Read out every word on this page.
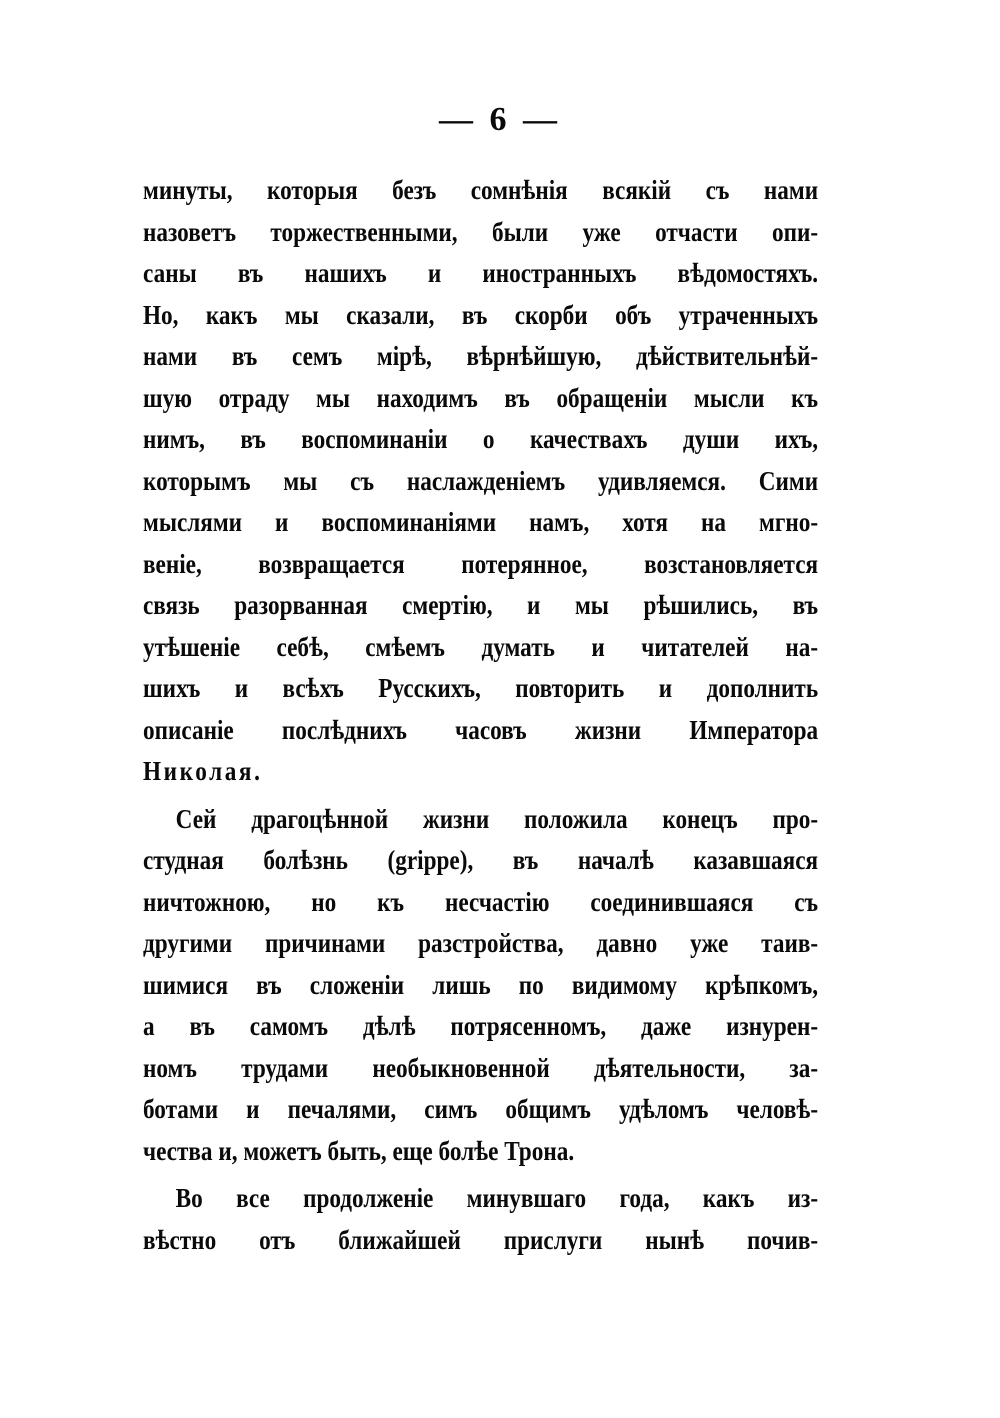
— 6 —
минуты, которыя безъ сомнѣнія всякій съ нами
назоветъ торжественными, были уже отчасти опи-
саны въ нашихъ и иностранныхъ вѣдомостяхъ.
Но, какъ мы сказали, въ скорби объ утраченныхъ
нами въ семъ мірѣ, вѣрнѣйшую, дѣйствительнѣй-
шую отраду мы находимъ въ обращеніи мысли къ
нимъ, въ воспоминаніи о качествахъ души ихъ,
которымъ мы съ наслажденіемъ удивляемся. Сими
мыслями и воспоминаніями намъ, хотя на мгно-
веніе, возвращается потерянное, возстановляется
связь разорванная смертію, и мы рѣшились, въ
утѣшеніе себѣ, смѣемъ думать и читателей на-
шихъ и всѣхъ Русскихъ, повторить и дополнить
описаніе послѣднихъ часовъ жизни Императора
Николая.
Сей драгоцѣнной жизни положила конецъ про-
студная болѣзнь (grippe), въ началѣ казавшаяся
ничтожною, но къ несчастію соединившаяся съ
другими причинами разстройства, давно уже таив-
шимися въ сложеніи лишь по видимому крѣпкомъ,
а въ самомъ дѣлѣ потрясенномъ, даже изнурен-
номъ трудами необыкновенной дѣятельности, за-
ботами и печалями, симъ общимъ удѣломъ человѣ-
чества и, можетъ быть, еще болѣе Трона.
Во все продолженіе минувшаго года, какъ из-
вѣстно отъ ближайшей прислуги нынѣ почив-
